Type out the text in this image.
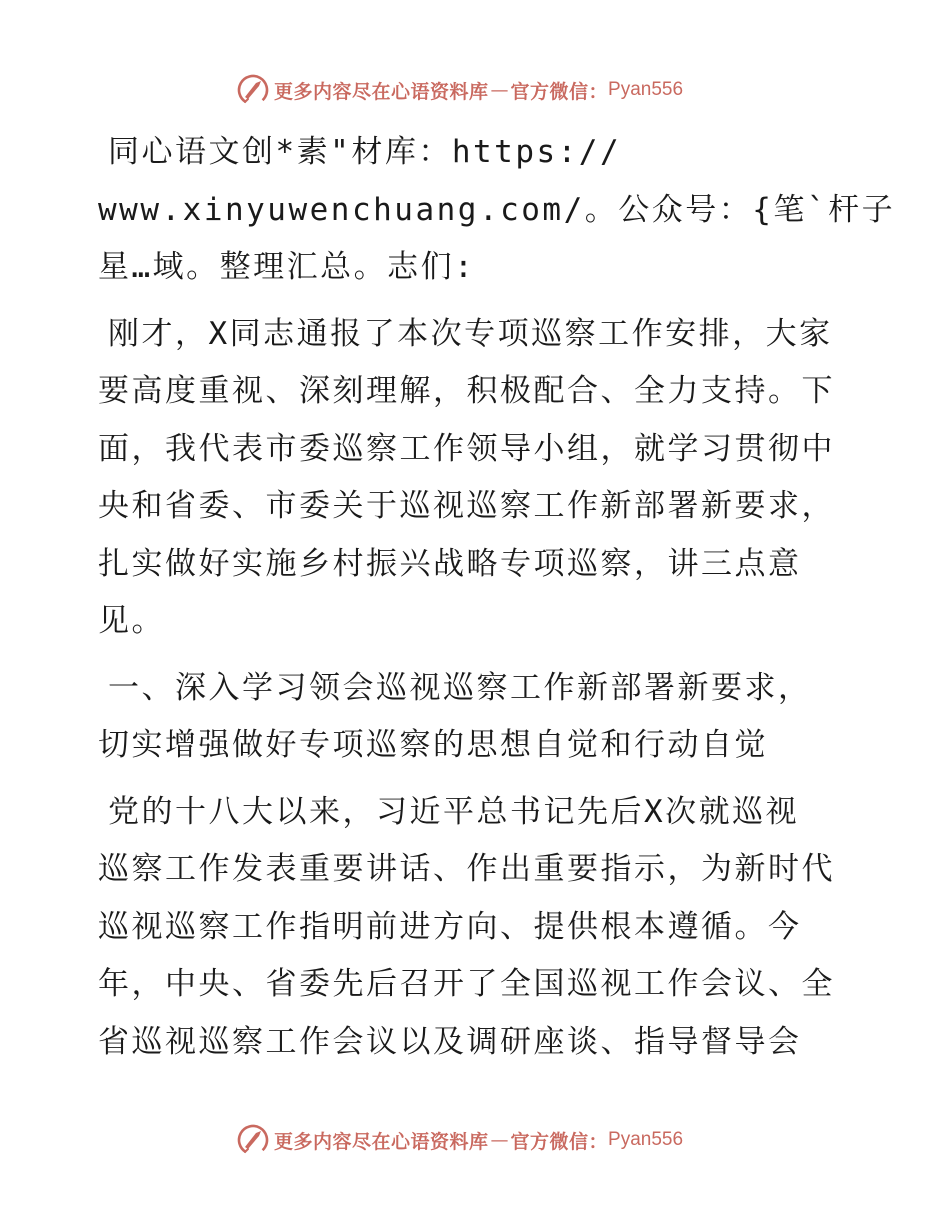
更多内容尽在心语资料库 — 官方微信： Pyan556
同心语文创*素"材库：https://
www.xinyuwenchuang.com/。公众号：{笔`杆子
星…域。整理汇总。志们:
刚才，X同志通报了本次专项巡察工作安排，大家
要高度重视、深刻理解，积极配合、全力支持。下
面，我代表市委巡察工作领导小组，就学习贯彻中
央和省委、市委关于巡视巡察工作新部署新要求，
扎实做好实施乡村振兴战略专项巡察，讲三点意
见。
一、深入学习领会巡视巡察工作新部署新要求，
切实增强做好专项巡察的思想自觉和行动自觉
党的十八大以来，习近平总书记先后X次就巡视
巡察工作发表重要讲话、作出重要指示，为新时代
巡视巡察工作指明前进方向、提供根本遵循。今
年，中央、省委先后召开了全国巡视工作会议、全
省巡视巡察工作会议以及调研座谈、指导督导会
更多内容尽在心语资料库 — 官方微信： Pyan556
